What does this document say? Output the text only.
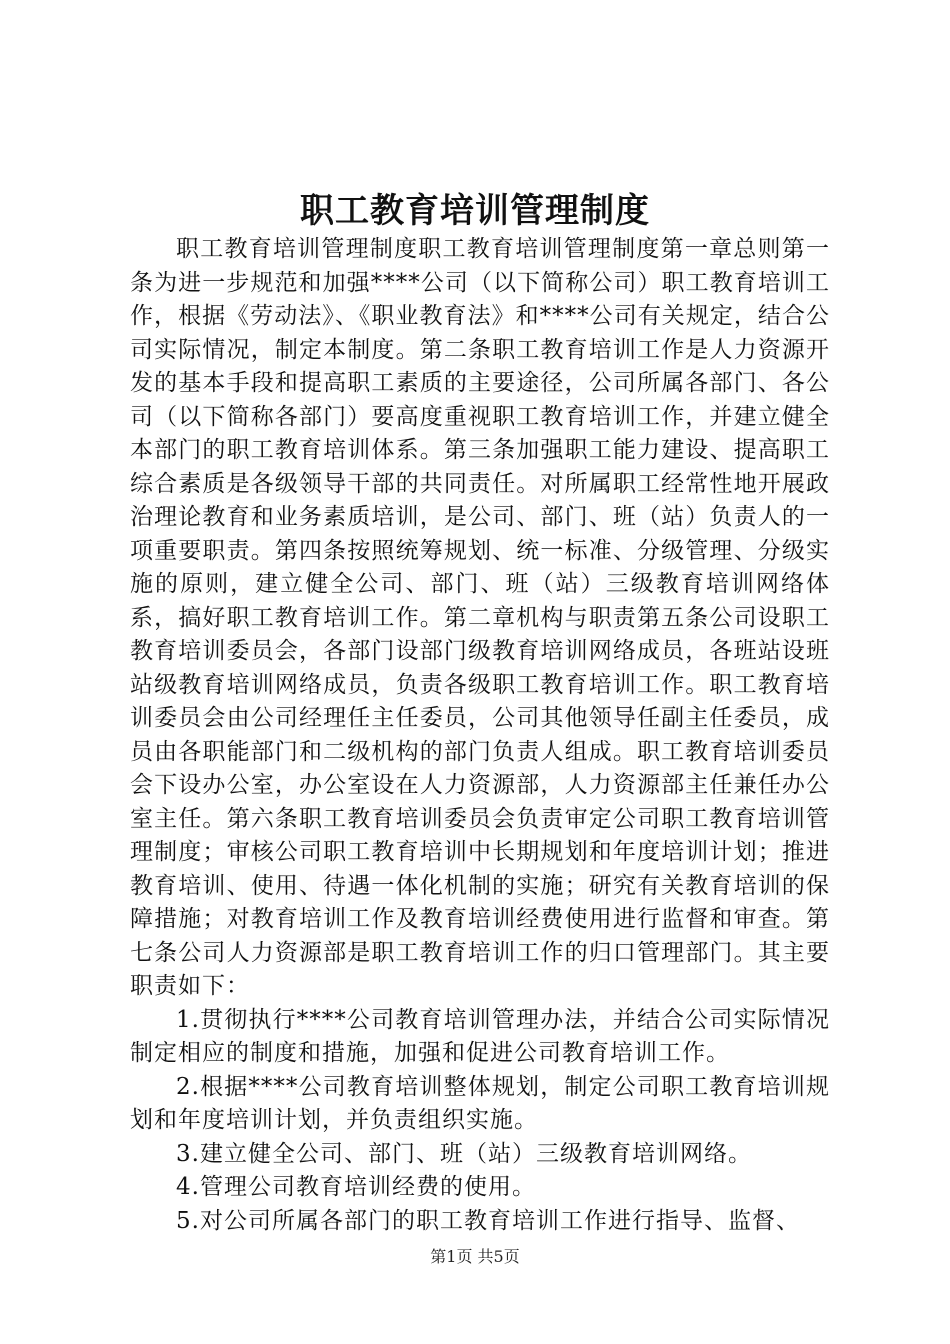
职工教育培训管理制度

职工教育培训管理制度职工教育培训管理制度第一章总则第一条为进一步规范和加强****公司（以下简称公司）职工教育培训工作，根据《劳动法》、《职业教育法》和****公司有关规定，结合公司实际情况，制定本制度。第二条职工教育培训工作是人力资源开发的基本手段和提高职工素质的主要途径，公司所属各部门、各公司（以下简称各部门）要高度重视职工教育培训工作，并建立健全本部门的职工教育培训体系。第三条加强职工能力建设、提高职工综合素质是各级领导干部的共同责任。对所属职工经常性地开展政治理论教育和业务素质培训，是公司、部门、班（站）负责人的一项重要职责。第四条按照统筹规划、统一标准、分级管理、分级实施的原则，建立健全公司、部门、班（站）三级教育培训网络体系，搞好职工教育培训工作。第二章机构与职责第五条公司设职工教育培训委员会，各部门设部门级教育培训网络成员，各班站设班站级教育培训网络成员，负责各级职工教育培训工作。职工教育培训委员会由公司经理任主任委员，公司其他领导任副主任委员，成员由各职能部门和二级机构的部门负责人组成。职工教育培训委员会下设办公室，办公室设在人力资源部，人力资源部主任兼任办公室主任。第六条职工教育培训委员会负责审定公司职工教育培训管理制度；审核公司职工教育培训中长期规划和年度培训计划；推进教育培训、使用、待遇一体化机制的实施；研究有关教育培训的保障措施；对教育培训工作及教育培训经费使用进行监督和审查。第七条公司人力资源部是职工教育培训工作的归口管理部门。其主要职责如下：

1.贯彻执行****公司教育培训管理办法，并结合公司实际情况制定相应的制度和措施，加强和促进公司教育培训工作。

2.根据****公司教育培训整体规划，制定公司职工教育培训规划和年度培训计划，并负责组织实施。

3.建立健全公司、部门、班（站）三级教育培训网络。

4.管理公司教育培训经费的使用。

5.对公司所属各部门的职工教育培训工作进行指导、监督、

第1页 共5页
